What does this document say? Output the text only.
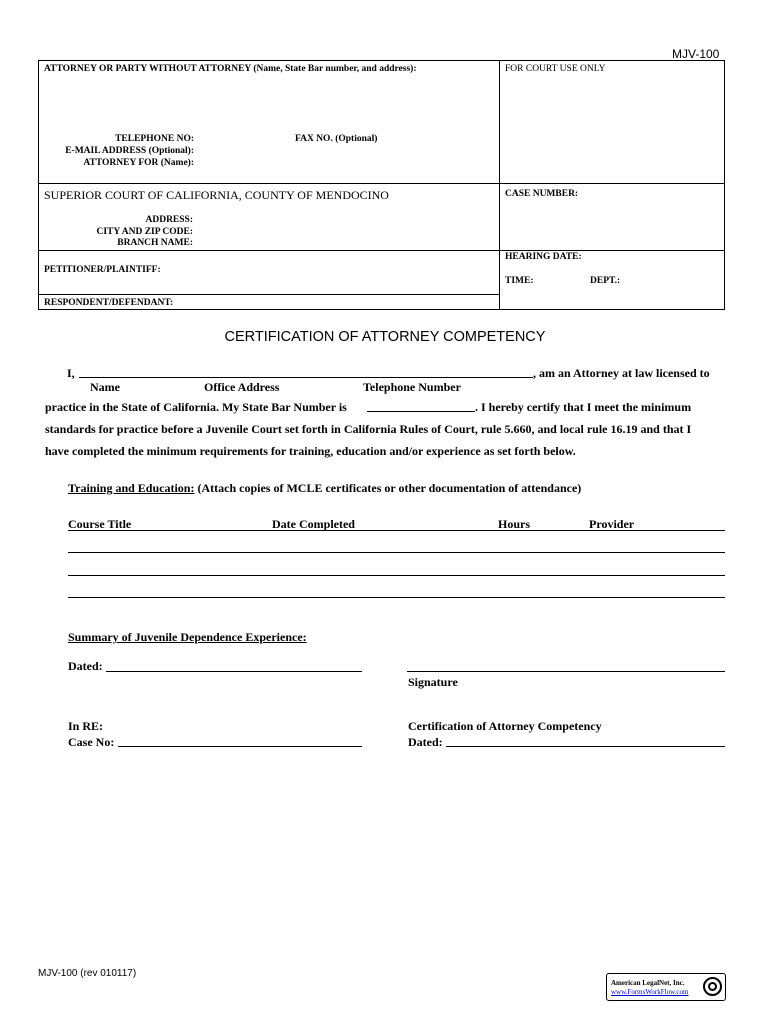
MJV-100
ATTORNEY OR PARTY WITHOUT ATTORNEY (Name, State Bar number, and address):	FOR COURT USE ONLY
TELEPHONE NO:	FAX NO. (Optional)
E-MAIL ADDRESS (Optional):
ATTORNEY FOR (Name):
SUPERIOR COURT OF CALIFORNIA, COUNTY OF MENDOCINO	CASE NUMBER:
ADDRESS:
CITY AND ZIP CODE:
BRANCH NAME:
HEARING DATE:
TIME:	DEPT.:
PETITIONER/PLAINTIFF:
RESPONDENT/DEFENDANT:
CERTIFICATION OF ATTORNEY COMPETENCY
I,	, am an Attorney at law licensed to
Name	Office Address	Telephone Number
practice in the State of California. My State Bar Number is	. I hereby certify that I meet the minimum
standards for practice before a Juvenile Court set forth in California Rules of Court, rule 5.660, and local rule 16.19 and that I
have completed the minimum requirements for training, education and/or experience as set forth below.
Training and Education: (Attach copies of MCLE certificates or other documentation of attendance)
Course Title	Date Completed	Hours	Provider
Summary of Juvenile Dependence Experience:
Dated:
Signature
In RE:
Case No:
Certification of Attorney Competency
Dated:
MJV-100 (rev 010117)
American LegalNet, Inc.
www.FormsWorkFlow.com
